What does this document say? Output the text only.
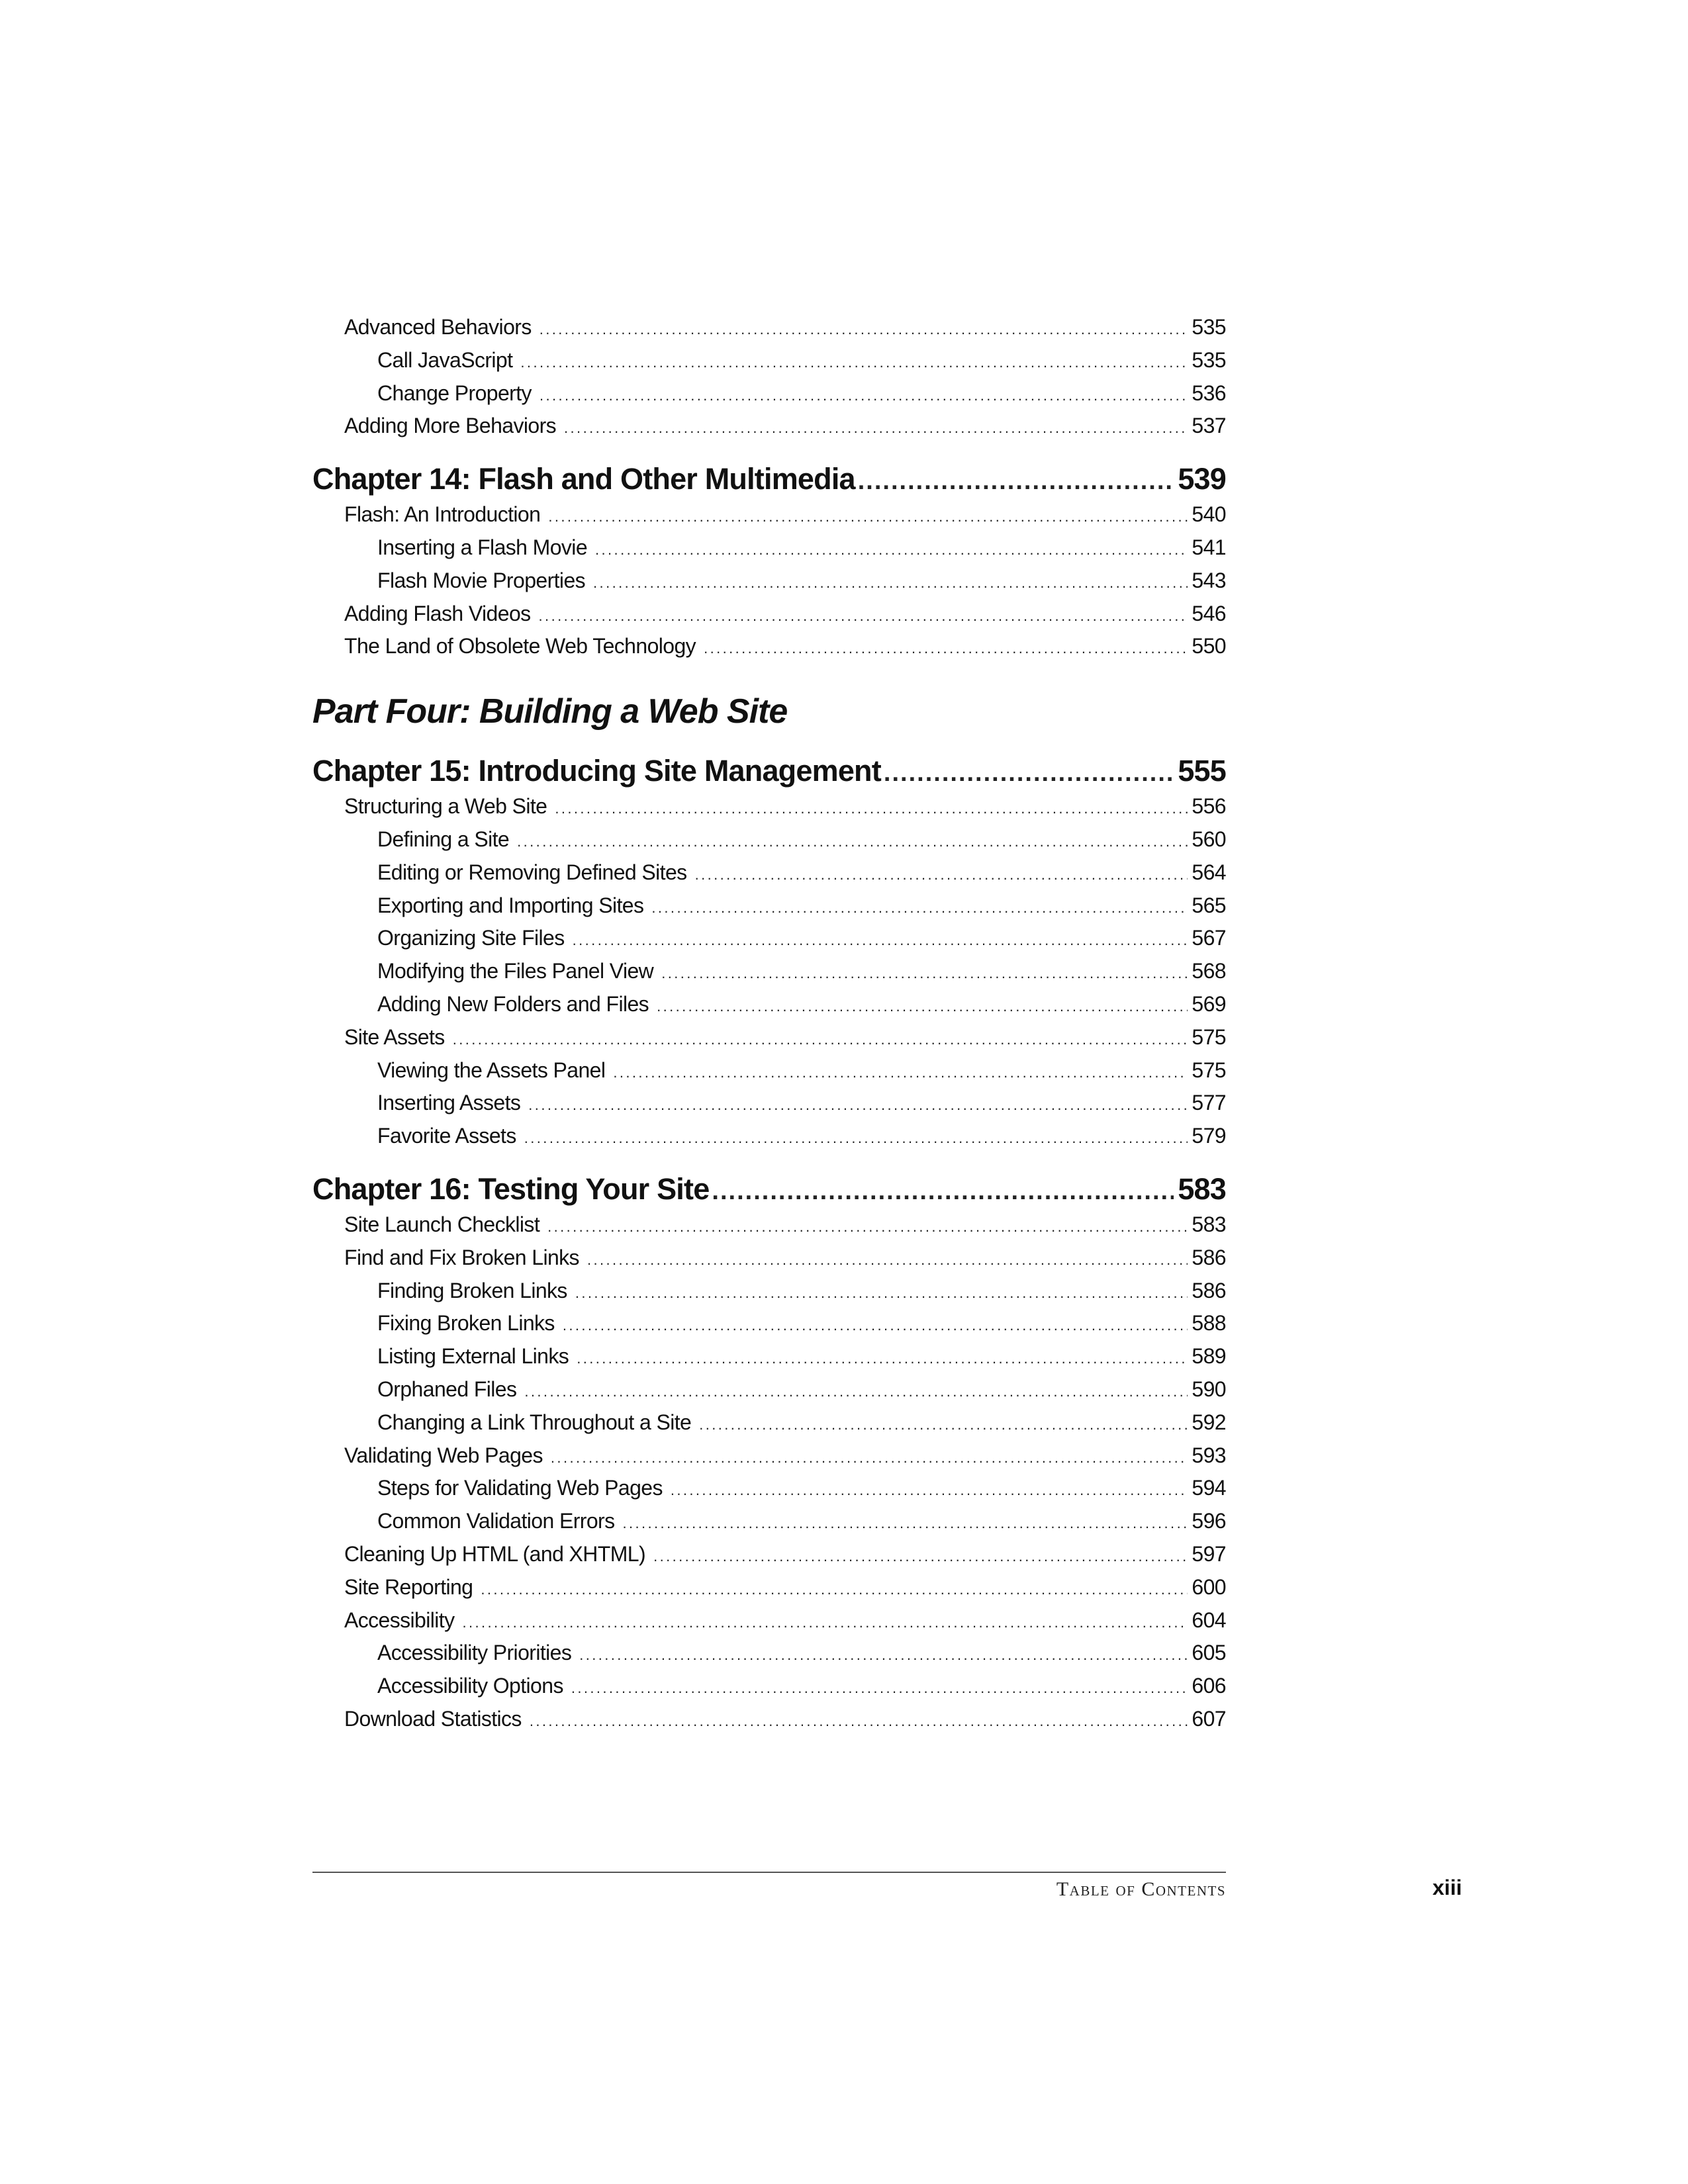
Advanced Behaviors .....	535
Call JavaScript .....	535
Change Property .....	536
Adding More Behaviors .....	537
Chapter 14: Flash and Other Multimedia .....	539
Flash: An Introduction .....	540
Inserting a Flash Movie .....	541
Flash Movie Properties .....	543
Adding Flash Videos .....	546
The Land of Obsolete Web Technology .....	550
Part Four: Building a Web Site
Chapter 15: Introducing Site Management .....	555
Structuring a Web Site .....	556
Defining a Site .....	560
Editing or Removing Defined Sites .....	564
Exporting and Importing Sites .....	565
Organizing Site Files .....	567
Modifying the Files Panel View .....	568
Adding New Folders and Files .....	569
Site Assets .....	575
Viewing the Assets Panel .....	575
Inserting Assets .....	577
Favorite Assets .....	579
Chapter 16: Testing Your Site .....	583
Site Launch Checklist .....	583
Find and Fix Broken Links .....	586
Finding Broken Links .....	586
Fixing Broken Links .....	588
Listing External Links .....	589
Orphaned Files .....	590
Changing a Link Throughout a Site .....	592
Validating Web Pages .....	593
Steps for Validating Web Pages .....	594
Common Validation Errors .....	596
Cleaning Up HTML (and XHTML) .....	597
Site Reporting .....	600
Accessibility .....	604
Accessibility Priorities .....	605
Accessibility Options .....	606
Download Statistics .....	607
Table of Contents	xiii
